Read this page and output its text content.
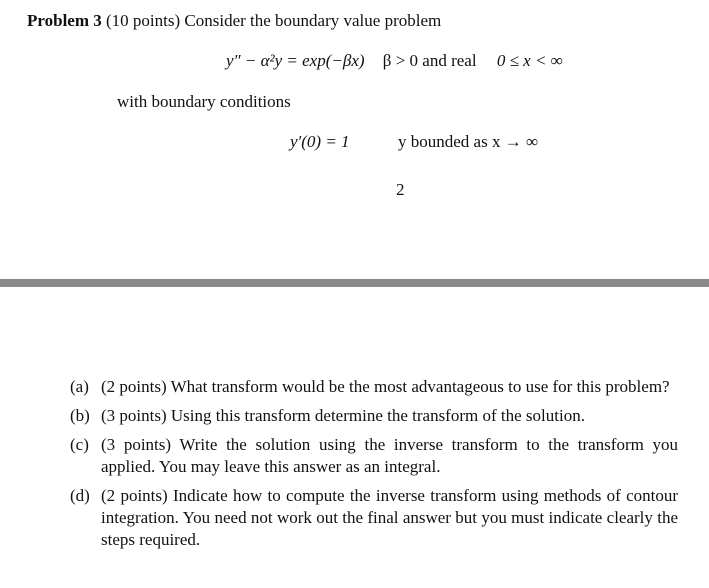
Problem 3 (10 points) Consider the boundary value problem
y″ − α²y = exp(−βx) β > 0 and real 0 ≤ x < ∞
with boundary conditions
y′(0) = 1	y bounded as x → ∞
2
(a) (2 points) What transform would be the most advantageous to use for this problem?
(b) (3 points) Using this transform determine the transform of the solution.
(c) (3 points) Write the solution using the inverse transform to the transform you applied. You may leave this answer as an integral.
(d) (2 points) Indicate how to compute the inverse transform using methods of contour integration. You need not work out the final answer but you must indicate clearly the steps required.
